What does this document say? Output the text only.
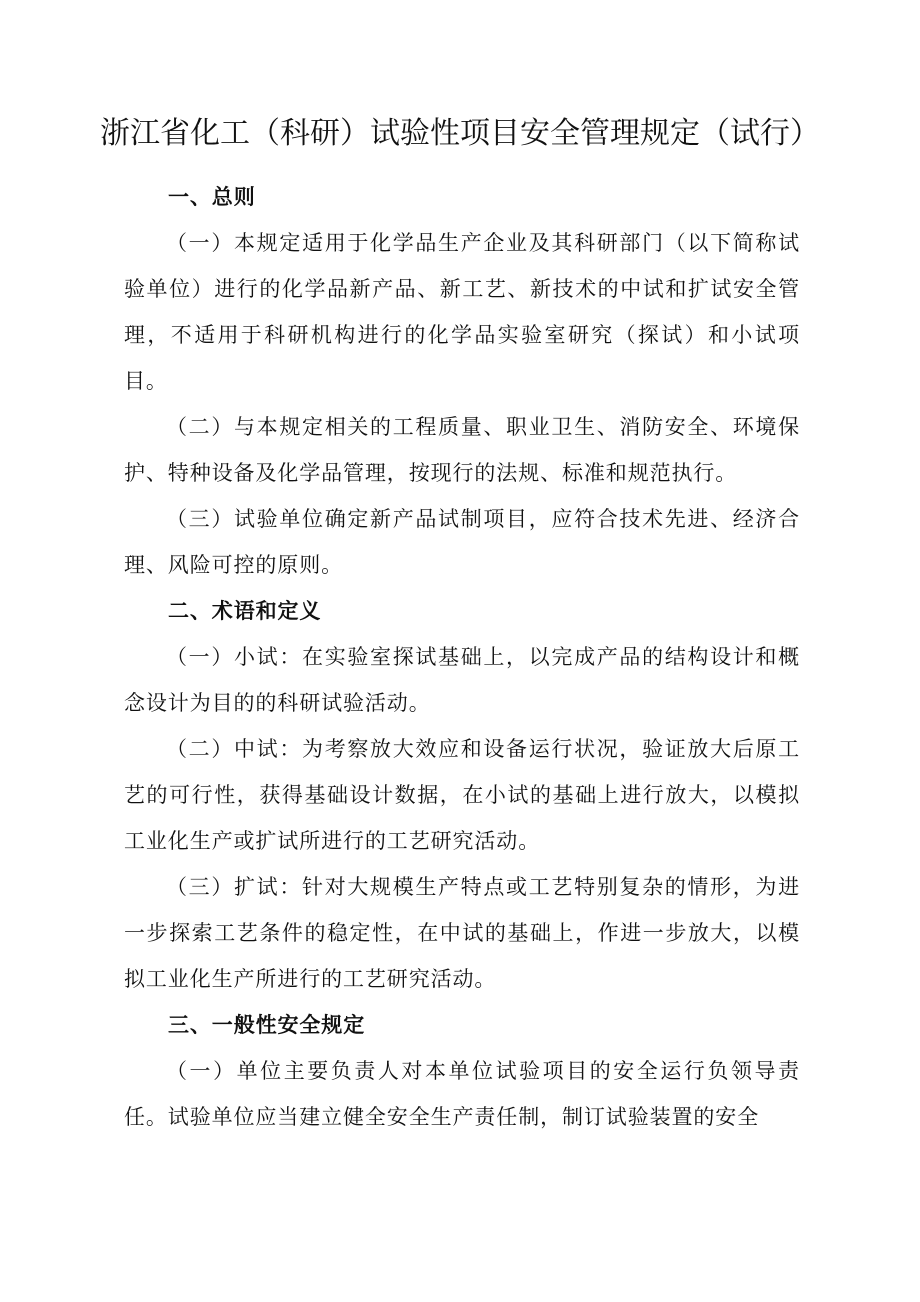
浙江省化工（科研）试验性项目安全管理规定（试行）

一、总则

（一）本规定适用于化学品生产企业及其科研部门（以下简称试验单位）进行的化学品新产品、新工艺、新技术的中试和扩试安全管理，不适用于科研机构进行的化学品实验室研究（探试）和小试项目。

（二）与本规定相关的工程质量、职业卫生、消防安全、环境保护、特种设备及化学品管理，按现行的法规、标准和规范执行。

（三）试验单位确定新产品试制项目，应符合技术先进、经济合理、风险可控的原则。

二、术语和定义

（一）小试：在实验室探试基础上，以完成产品的结构设计和概念设计为目的的科研试验活动。

（二）中试：为考察放大效应和设备运行状况，验证放大后原工艺的可行性，获得基础设计数据，在小试的基础上进行放大，以模拟工业化生产或扩试所进行的工艺研究活动。

（三）扩试：针对大规模生产特点或工艺特别复杂的情形，为进一步探索工艺条件的稳定性，在中试的基础上，作进一步放大，以模拟工业化生产所进行的工艺研究活动。

三、一般性安全规定

（一）单位主要负责人对本单位试验项目的安全运行负领导责任。试验单位应当建立健全安全生产责任制，制订试验装置的安全
